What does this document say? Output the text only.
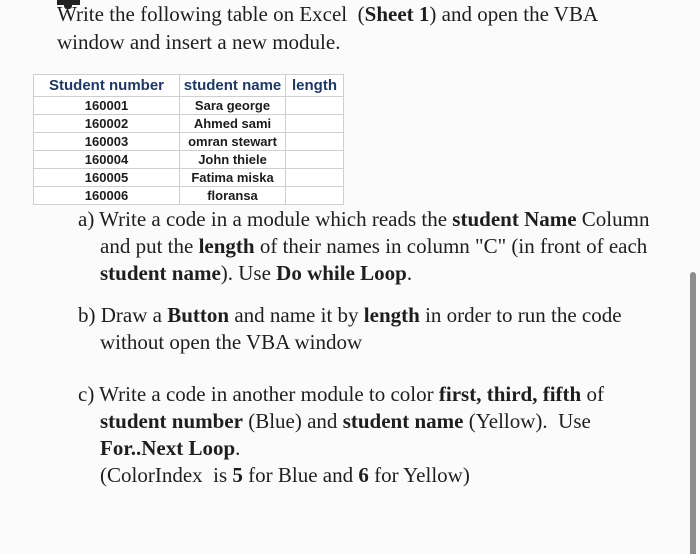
Write the following table on Excel  (Sheet 1) and open the VBA
window and insert a new module.
Student number	student name	length
160001	Sara george	
160002	Ahmed sami	
160003	omran stewart	
160004	John thiele	
160005	Fatima miska	
160006	floransa	
a) Write a code in a module which reads the student Name Column
and put the length of their names in column "C" (in front of each
student name). Use Do while Loop.
b) Draw a Button and name it by length in order to run the code
without open the VBA window
c) Write a code in another module to color first, third, fifth of
student number (Blue) and student name (Yellow).  Use
For..Next Loop.
(ColorIndex  is 5 for Blue and 6 for Yellow)
